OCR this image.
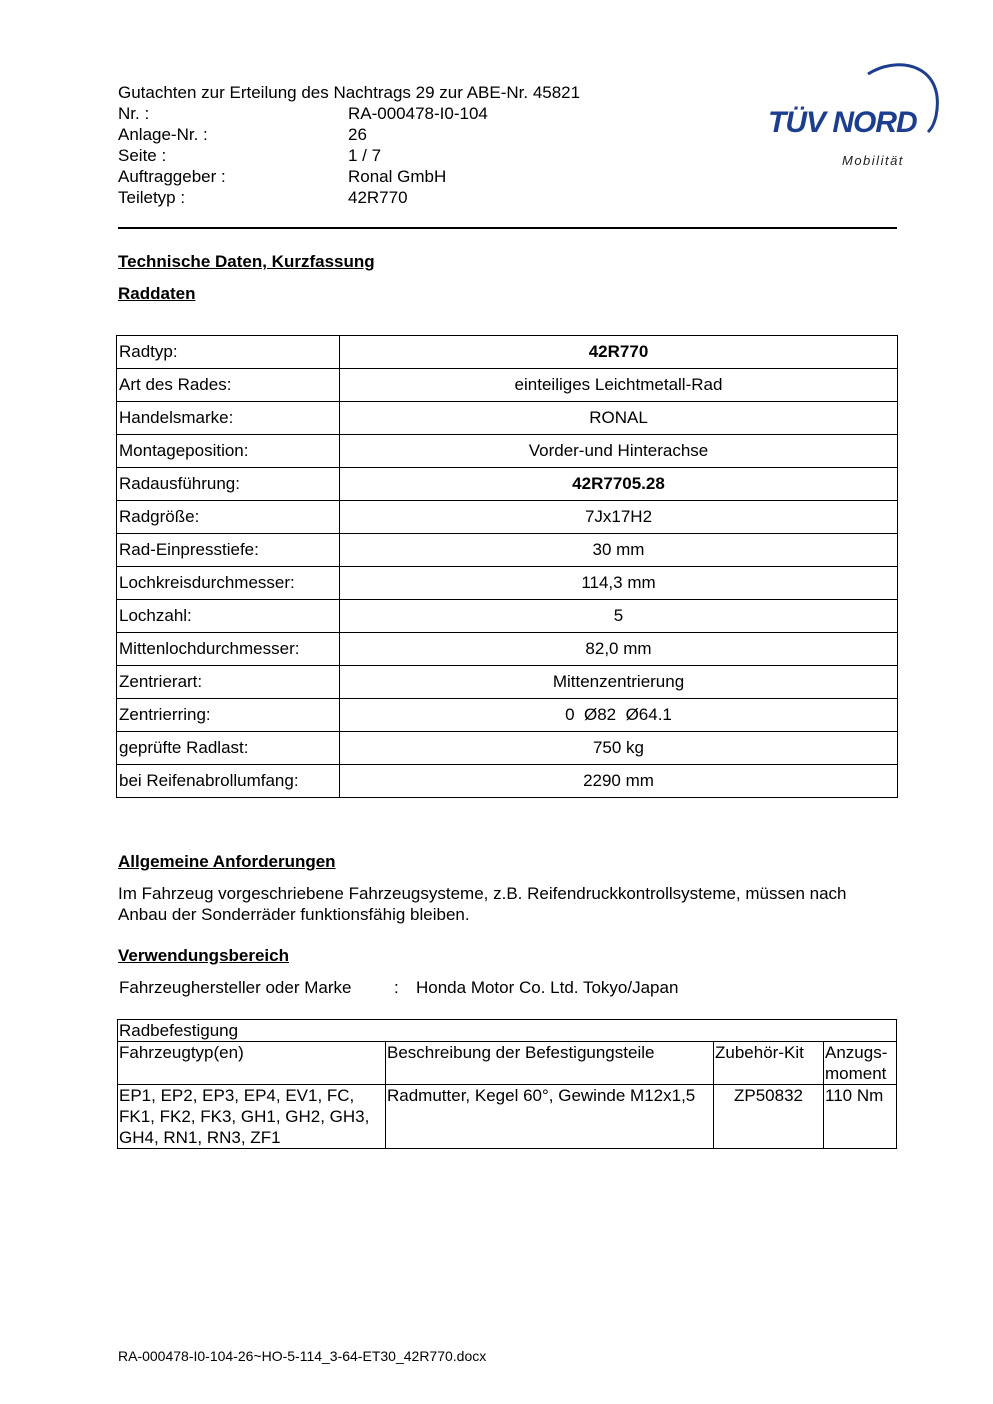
Gutachten zur Erteilung des Nachtrags 29 zur ABE-Nr. 45821
Nr. :	RA-000478-I0-104
Anlage-Nr. :	26
Seite :	1 / 7
Auftraggeber :	Ronal GmbH
Teiletyp :	42R770
TÜV NORD
Mobilität
Technische Daten, Kurzfassung
Raddaten
Radtyp:	42R770
Art des Rades:	einteiliges Leichtmetall-Rad
Handelsmarke:	RONAL
Montageposition:	Vorder-und Hinterachse
Radausführung:	42R7705.28
Radgröße:	7Jx17H2
Rad-Einpresstiefe:	30 mm
Lochkreisdurchmesser:	114,3 mm
Lochzahl:	5
Mittenlochdurchmesser:	82,0 mm
Zentrierart:	Mittenzentrierung
Zentrierring:	0  Ø82  Ø64.1
geprüfte Radlast:	750 kg
bei Reifenabrollumfang:	2290 mm
Allgemeine Anforderungen
Im Fahrzeug vorgeschriebene Fahrzeugsysteme, z.B. Reifendruckkontrollsysteme, müssen nach Anbau der Sonderräder funktionsfähig bleiben.
Verwendungsbereich
Fahrzeughersteller oder Marke	:	Honda Motor Co. Ltd. Tokyo/Japan
Radbefestigung			
Fahrzeugtyp(en)	Beschreibung der Befestigungsteile	Zubehör-Kit	Anzugs-moment
EP1, EP2, EP3, EP4, EV1, FC, FK1, FK2, FK3, GH1, GH2, GH3, GH4, RN1, RN3, ZF1	Radmutter, Kegel 60°, Gewinde M12x1,5	ZP50832	110 Nm
RA-000478-I0-104-26~HO-5-114_3-64-ET30_42R770.docx
